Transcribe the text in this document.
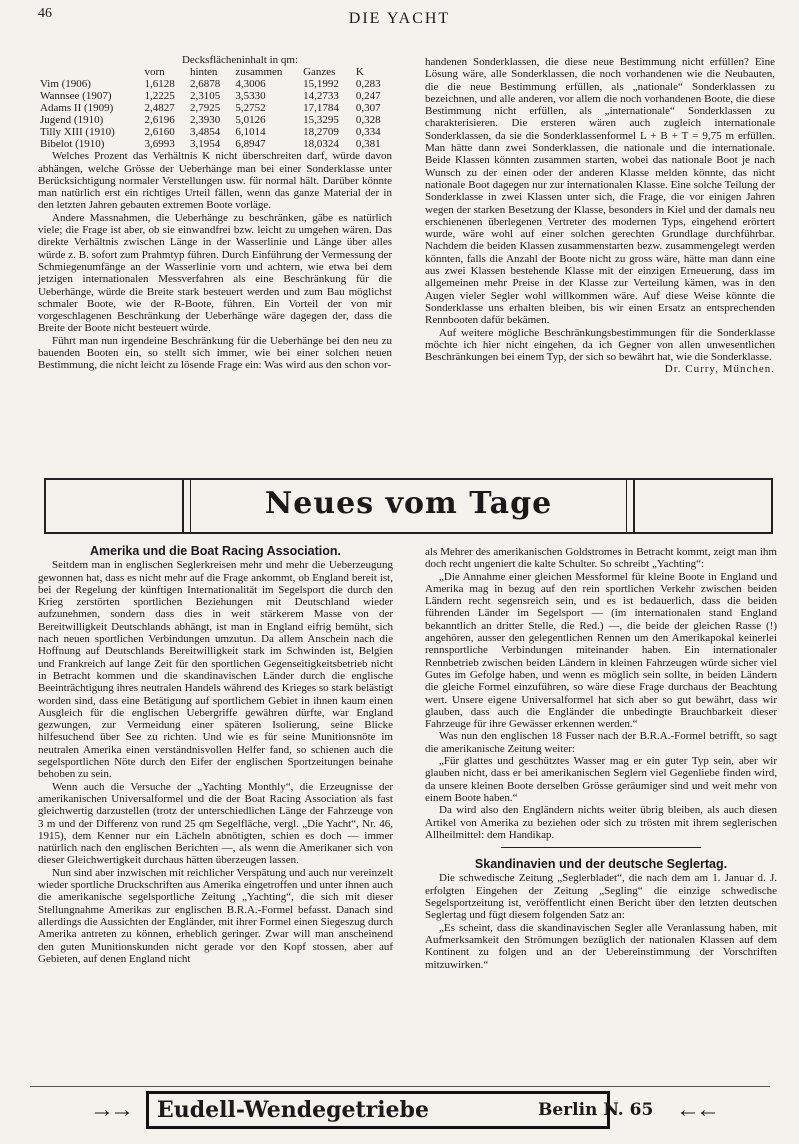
46	DIE YACHT
Decksflächeninhalt in qm:
	vorn	hinten	zusammen	Ganzes	K
Vim (1906)	1,6128	2,6878	4,3006	15,1992	0,283
Wannsee (1907)	1,2225	2,3105	3,5330	14,2733	0,247
Adams II (1909)	2,4827	2,7925	5,2752	17,1784	0,307
Jugend (1910)	2,6196	2,3930	5,0126	15,3295	0,328
Tilly XIII (1910)	2,6160	3,4854	6,1014	18,2709	0,334
Bibelot (1910)	3,6993	3,1954	6,8947	18,0324	0,381

Welches Prozent das Verhältnis K nicht überschreiten darf, würde davon abhängen, welche Grösse der Ueberhänge man bei einer Sonderklasse unter Berücksichtigung normaler Verstellungen usw. für normal hält. Darüber könnte man natürlich erst ein richtiges Urteil fällen, wenn das ganze Material der in den letzten Jahren gebauten extremen Boote vorläge.

Andere Massnahmen, die Ueberhänge zu beschränken, gäbe es natürlich viele; die Frage ist aber, ob sie einwandfrei bzw. leicht zu umgehen wären. Das direkte Verhältnis zwischen Länge in der Wasserlinie und Länge über alles würde z. B. sofort zum Prahmtyp führen. Durch Einführung der Vermessung der Schmiegenumfänge an der Wasserlinie vorn und achtern, wie etwa bei dem jetzigen internationalen Messverfahren als eine Beschränkung für die Ueberhänge, würde die Breite stark besteuert werden und zum Bau möglichst schmaler Boote, wie der R-Boote, führen. Ein Vorteil der von mir vorgeschlagenen Beschränkung der Ueberhänge wäre dagegen der, dass die Breite der Boote nicht besteuert würde.

Führt man nun irgendeine Beschränkung für die Ueberhänge bei den neu zu bauenden Booten ein, so stellt sich immer, wie bei einer solchen neuen Bestimmung, die nicht leicht zu lösende Frage ein: Was wird aus den schon vor-

handenen Sonderklassen, die diese neue Bestimmung nicht erfüllen? Eine Lösung wäre, alle Sonderklassen, die noch vorhandenen wie die Neubauten, die die neue Bestimmung erfüllen, als „nationale“ Sonderklassen zu bezeichnen, und alle anderen, vor allem die noch vorhandenen Boote, die diese Bestimmung nicht erfüllen, als „internationale“ Sonderklassen zu charakterisieren. Die ersteren wären auch zugleich internationale Sonderklassen, da sie die Sonderklassenformel L + B + T = 9,75 m erfüllen. Man hätte dann zwei Sonderklassen, die nationale und die internationale. Beide Klassen könnten zusammen starten, wobei das nationale Boot je nach Wunsch zu der einen oder der anderen Klasse melden könnte, das nicht nationale Boot dagegen nur zur internationalen Klasse. Eine solche Teilung der Sonderklasse in zwei Klassen unter sich, die Frage, die vor einigen Jahren wegen der starken Besetzung der Klasse, besonders in Kiel und der damals neu erschienenen überlegenen Vertreter des modernen Typs, eingehend erörtert wurde, wäre wohl auf einer solchen gerechten Grundlage durchführbar. Nachdem die beiden Klassen zusammenstarten bezw. zusammengelegt werden könnten, falls die Anzahl der Boote nicht zu gross wäre, hätte man dann eine aus zwei Klassen bestehende Klasse mit der einzigen Erneuerung, dass im allgemeinen mehr Preise in der Klasse zur Verteilung kämen, was in den Augen vieler Segler wohl willkommen wäre. Auf diese Weise könnte die Sonderklasse uns erhalten bleiben, bis wir einen Ersatz an entsprechenden Rennbooten dafür bekämen.

Auf weitere mögliche Beschränkungsbestimmungen für die Sonderklasse möchte ich hier nicht eingehen, da ich Gegner von allen unwesentlichen Beschränkungen bei einem Typ, der sich so bewährt hat, wie die Sonderklasse.

Dr. Curry, München.

Neues vom Tage
Amerika und die Boat Racing Association.

Seitdem man in englischen Seglerkreisen mehr und mehr die Ueberzeugung gewonnen hat, dass es nicht mehr auf die Frage ankommt, ob England bereit ist, bei der Regelung der künftigen Internationalität im Segelsport die durch den Krieg zerstörten sportlichen Beziehungen mit Deutschland wieder aufzunehmen, sondern dass dies in weit stärkerem Masse von der Bereitwilligkeit Deutschlands abhängt, ist man in England eifrig bemüht, sich nach neuen sportlichen Verbindungen umzutun. Da allem Anschein nach die Hoffnung auf Deutschlands Bereitwilligkeit stark im Schwinden ist, Belgien und Frankreich auf lange Zeit für den sportlichen Gegenseitigkeitsbetrieb nicht in Betracht kommen und die skandinavischen Länder durch die englische Beeinträchtigung ihres neutralen Handels während des Krieges so stark belästigt worden sind, dass eine Betätigung auf sportlichem Gebiet in ihnen kaum einen Ausgleich für die englischen Uebergriffe gewähren dürfte, war England gezwungen, zur Vermeidung einer späteren Isolierung, seine Blicke hilfesuchend über See zu richten. Und wie es für seine Munitionsnöte im neutralen Amerika einen verständnisvollen Helfer fand, so schienen auch die segelsportlichen Nöte durch den Eifer der englischen Sportzeitungen beinahe behoben zu sein.

Wenn auch die Versuche der „Yachting Monthly“, die Erzeugnisse der amerikanischen Universalformel und die der Boat Racing Association als fast gleichwertig darzustellen (trotz der unterschiedlichen Länge der Fahrzeuge von 3 m und der Differenz von rund 25 qm Segelfläche, vergl. „Die Yacht“, Nr. 46, 1915), dem Kenner nur ein Lächeln abnötigten, schien es doch — immer natürlich nach den englischen Berichten —, als wenn die Amerikaner sich von dieser Gleichwertigkeit durchaus hätten überzeugen lassen.

Nun sind aber inzwischen mit reichlicher Verspätung und auch nur vereinzelt wieder sportliche Druckschriften aus Amerika eingetroffen und unter ihnen auch die amerikanische segelsportliche Zeitung „Yachting“, die sich mit dieser Stellungnahme Amerikas zur englischen B.R.A.-Formel befasst. Danach sind allerdings die Aussichten der Engländer, mit ihrer Formel einen Siegeszug durch Amerika antreten zu können, erheblich geringer. Zwar will man anscheinend den guten Munitionskunden nicht gerade vor den Kopf stossen, aber auf Gebieten, auf denen England nicht

als Mehrer des amerikanischen Goldstromes in Betracht kommt, zeigt man ihm doch recht ungeniert die kalte Schulter. So schreibt „Yachting“:

„Die Annahme einer gleichen Messformel für kleine Boote in England und Amerika mag in bezug auf den rein sportlichen Verkehr zwischen beiden Ländern recht segensreich sein, und es ist bedauerlich, dass die beiden führenden Länder im Segelsport — (im internationalen stand England bekanntlich an dritter Stelle, die Red.) —, die beide der gleichen Rasse (!) angehören, ausser den gelegentlichen Rennen um den Amerikapokal keinerlei rennsportliche Verbindungen miteinander haben. Ein internationaler Rennbetrieb zwischen beiden Ländern in kleinen Fahrzeugen würde sicher viel Gutes im Gefolge haben, und wenn es möglich sein sollte, in beiden Ländern die gleiche Formel einzuführen, so wäre diese Frage durchaus der Beachtung wert. Unsere eigene Universalformel hat sich aber so gut bewährt, dass wir glauben, dass auch die Engländer die unbedingte Brauchbarkeit dieser Fahrzeuge für ihre Gewässer erkennen werden.“

Was nun den englischen 18 Fusser nach der B.R.A.-Formel betrifft, so sagt die amerikanische Zeitung weiter:

„Für glattes und geschütztes Wasser mag er ein guter Typ sein, aber wir glauben nicht, dass er bei amerikanischen Seglern viel Gegenliebe finden wird, da unsere kleinen Boote derselben Grösse geräumiger sind und weit mehr von einem Boote haben.“

Da wird also den Engländern nichts weiter übrig bleiben, als auch diesen Artikel von Amerika zu beziehen oder sich zu trösten mit ihrem seglerischen Allheilmittel: dem Handikap.

Skandinavien und der deutsche Seglertag.

Die schwedische Zeitung „Seglerbladet“, die nach dem am 1. Januar d. J. erfolgten Eingehen der Zeitung „Segling“ die einzige schwedische Segelsportzeitung ist, veröffentlicht einen Bericht über den letzten deutschen Seglertag und fügt diesem folgenden Satz an:

„Es scheint, dass die skandinavischen Segler alle Veranlassung haben, mit Aufmerksamkeit den Strömungen bezüglich der nationalen Klassen auf dem Kontinent zu folgen und an der Uebereinstimmung der Vorschriften mitzuwirken.“

→→ Eudell-Wendegetriebe	Berlin N. 65 ←←
